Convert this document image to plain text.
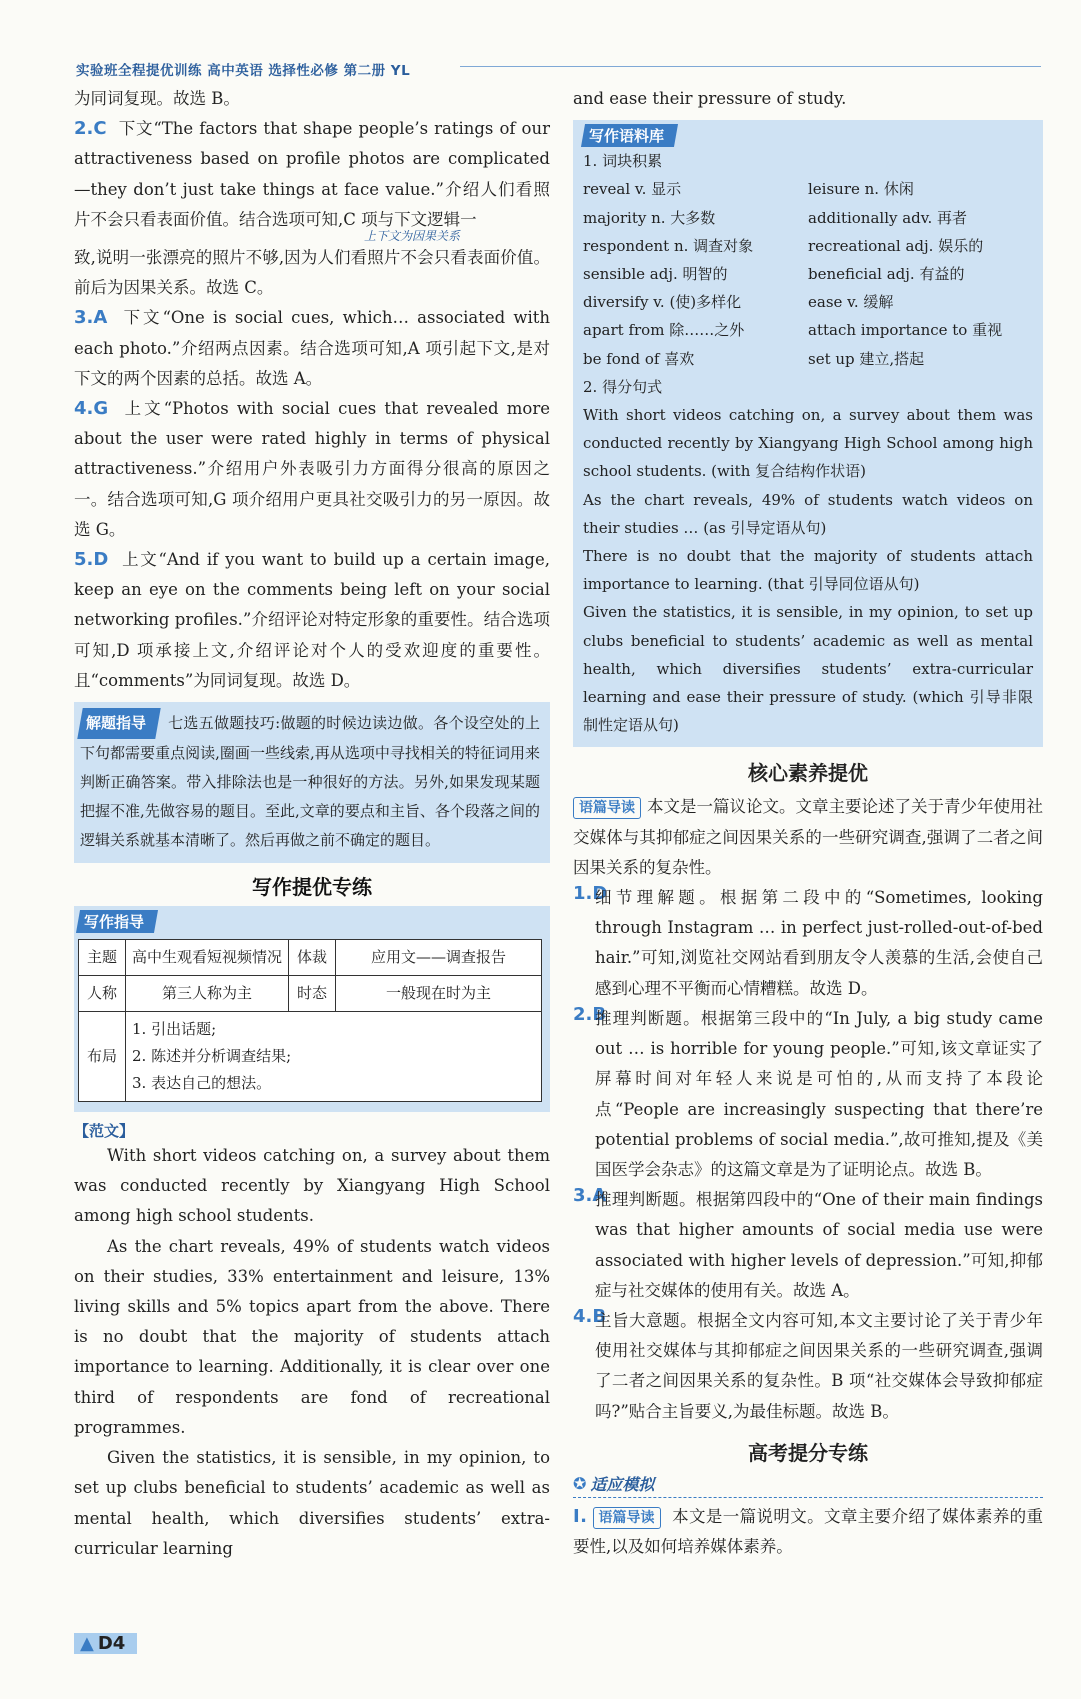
实验班全程提优训练 高中英语 选择性必修 第二册 YL

为同词复现。故选 B。

2.C 下文“The factors that shape people’s ratings of our attractiveness based on profile photos are complicated—they don’t just take things at face value.”介绍人们看照片不会只看表面价值。结合选项可知,C 项与下文逻辑一

上下文为因果关系

致,说明一张漂亮的照片不够,因为人们看照片不会只看表面价值。前后为因果关系。故选 C。

3.A 下文“One is social cues, which… associated with each photo.”介绍两点因素。结合选项可知,A 项引起下文,是对下文的两个因素的总括。故选 A。

4.G 上文“Photos with social cues that revealed more about the user were rated highly in terms of physical attractiveness.”介绍用户外表吸引力方面得分很高的原因之一。结合选项可知,G 项介绍用户更具社交吸引力的另一原因。故选 G。

5.D 上文“And if you want to build up a certain image, keep an eye on the comments being left on your social networking profiles.”介绍评论对特定形象的重要性。结合选项可知,D 项承接上文,介绍评论对个人的受欢迎度的重要性。且“comments”为同词复现。故选 D。

解题指导 七选五做题技巧:做题的时候边读边做。各个设空处的上下句都需要重点阅读,圈画一些线索,再从选项中寻找相关的特征词用来判断正确答案。带入排除法也是一种很好的方法。另外,如果发现某题把握不准,先做容易的题目。至此,文章的要点和主旨、各个段落之间的逻辑关系就基本清晰了。然后再做之前不确定的题目。

写作提优专练
写作指导
主题	高中生观看短视频情况	体裁	应用文——调查报告
人称	第三人称为主	时态	一般现在时为主
布局	1. 引出话题;
2. 陈述并分析调查结果;
3. 表达自己的想法。		
【范文】

With short videos catching on, a survey about them was conducted recently by Xiangyang High School among high school students.

As the chart reveals, 49% of students watch videos on their studies, 33% entertainment and leisure, 13% living skills and 5% topics apart from the above. There is no doubt that the majority of students attach importance to learning. Additionally, it is clear over one third of respondents are fond of recreational programmes.

Given the statistics, it is sensible, in my opinion, to set up clubs beneficial to students’ academic as well as mental health, which diversifies students’ extra-curricular learning

and ease their pressure of study.

写作语料库

1. 词块积累

reveal v. 显示	leisure n. 休闲
majority n. 大多数	additionally adv. 再者
respondent n. 调查对象	recreational adj. 娱乐的
sensible adj. 明智的	beneficial adj. 有益的
diversify v. (使)多样化	ease v. 缓解
apart from 除……之外	attach importance to 重视
be fond of 喜欢	set up 建立,搭起

2. 得分句式

With short videos catching on, a survey about them was conducted recently by Xiangyang High School among high school students. (with 复合结构作状语)

As the chart reveals, 49% of students watch videos on their studies … (as 引导定语从句)

There is no doubt that the majority of students attach importance to learning. (that 引导同位语从句)

Given the statistics, it is sensible, in my opinion, to set up clubs beneficial to students’ academic as well as mental health, which diversifies students’ extra-curricular learning and ease their pressure of study. (which 引导非限制性定语从句)

核心素养提优

语篇导读 本文是一篇议论文。文章主要论述了关于青少年使用社交媒体与其抑郁症之间因果关系的一些研究调查,强调了二者之间因果关系的复杂性。

1.D

细节理解题。根据第二段中的“Sometimes, looking through Instagram … in perfect just-rolled-out-of-bed hair.”可知,浏览社交网站看到朋友令人羡慕的生活,会使自己感到心理不平衡而心情糟糕。故选 D。

2.B

推理判断题。根据第三段中的“In July, a big study came out … is horrible for young people.”可知,该文章证实了屏幕时间对年轻人来说是可怕的,从而支持了本段论点“People are increasingly suspecting that there’re potential problems of social media.”,故可推知,提及《美国医学会杂志》的这篇文章是为了证明论点。故选 B。

3.A

推理判断题。根据第四段中的“One of their main findings was that higher amounts of social media use were associated with higher levels of depression.”可知,抑郁症与社交媒体的使用有关。故选 A。

4.B

主旨大意题。根据全文内容可知,本文主要讨论了关于青少年使用社交媒体与其抑郁症之间因果关系的一些研究调查,强调了二者之间因果关系的复杂性。B 项“社交媒体会导致抑郁症吗?”贴合主旨要义,为最佳标题。故选 B。

高考提分专练
✪ 适应模拟

Ⅰ. 语篇导读 本文是一篇说明文。文章主要介绍了媒体素养的重要性,以及如何培养媒体素养。

▲ D4
